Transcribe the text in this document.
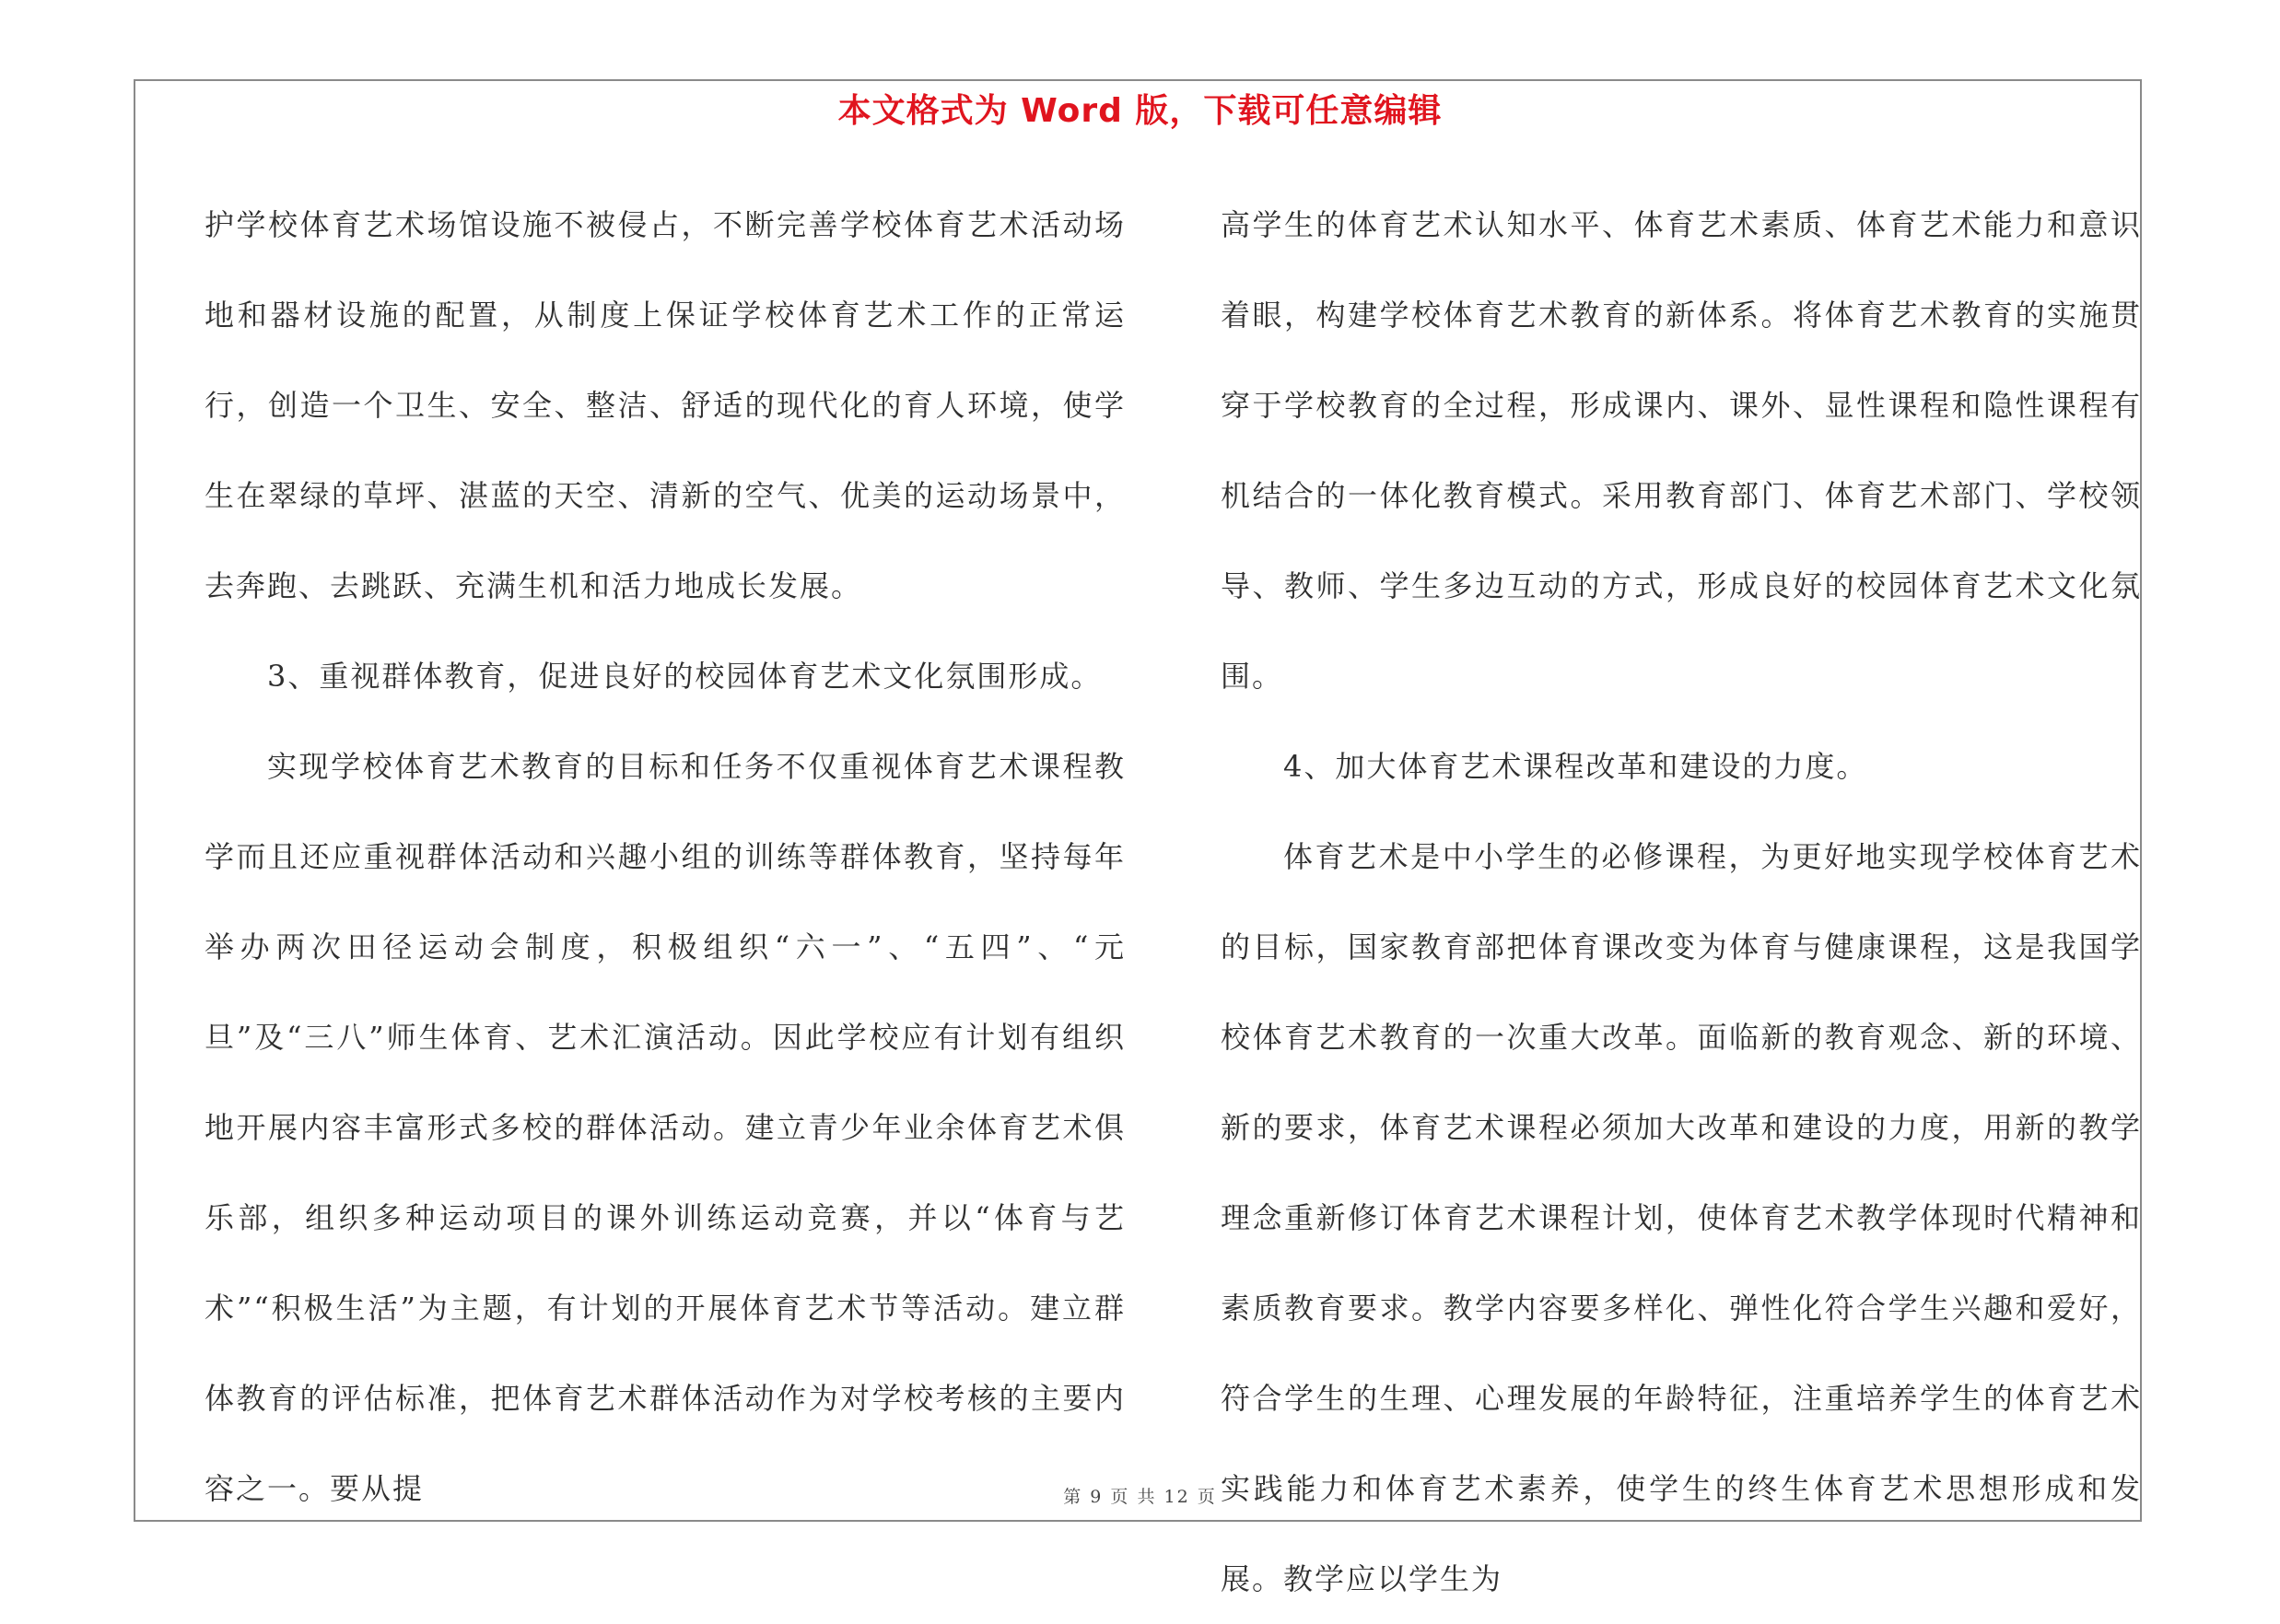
本文格式为 Word 版，下载可任意编辑

护学校体育艺术场馆设施不被侵占，不断完善学校体育艺术活动场地和器材设施的配置，从制度上保证学校体育艺术工作的正常运行，创造一个卫生、安全、整洁、舒适的现代化的育人环境，使学生在翠绿的草坪、湛蓝的天空、清新的空气、优美的运动场景中，去奔跑、去跳跃、充满生机和活力地成长发展。

3、重视群体教育，促进良好的校园体育艺术文化氛围形成。

实现学校体育艺术教育的目标和任务不仅重视体育艺术课程教学而且还应重视群体活动和兴趣小组的训练等群体教育，坚持每年举办两次田径运动会制度，积极组织“六一”、“五四”、“元旦”及“三八”师生体育、艺术汇演活动。因此学校应有计划有组织地开展内容丰富形式多校的群体活动。建立青少年业余体育艺术俱乐部，组织多种运动项目的课外训练运动竞赛，并以“体育与艺术”“积极生活”为主题，有计划的开展体育艺术节等活动。建立群体教育的评估标准，把体育艺术群体活动作为对学校考核的主要内容之一。要从提

高学生的体育艺术认知水平、体育艺术素质、体育艺术能力和意识着眼，构建学校体育艺术教育的新体系。将体育艺术教育的实施贯穿于学校教育的全过程，形成课内、课外、显性课程和隐性课程有机结合的一体化教育模式。采用教育部门、体育艺术部门、学校领导、教师、学生多边互动的方式，形成良好的校园体育艺术文化氛围。

4、加大体育艺术课程改革和建设的力度。

体育艺术是中小学生的必修课程，为更好地实现学校体育艺术的目标，国家教育部把体育课改变为体育与健康课程，这是我国学校体育艺术教育的一次重大改革。面临新的教育观念、新的环境、新的要求，体育艺术课程必须加大改革和建设的力度，用新的教学理念重新修订体育艺术课程计划，使体育艺术教学体现时代精神和素质教育要求。教学内容要多样化、弹性化符合学生兴趣和爱好，符合学生的生理、心理发展的年龄特征，注重培养学生的体育艺术实践能力和体育艺术素养，使学生的终生体育艺术思想形成和发展。教学应以学生为

第 9 页 共 12 页
